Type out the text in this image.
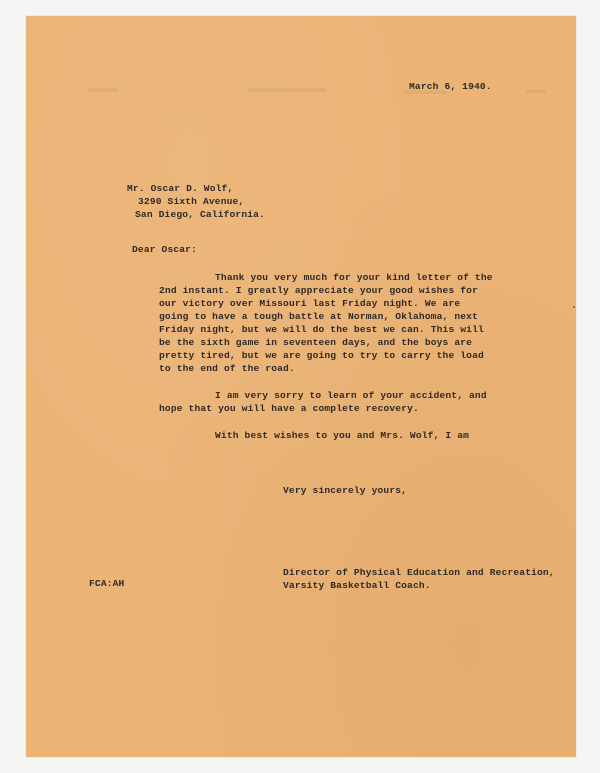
March 6, 1940.

Mr. Oscar D. Wolf,

3290 Sixth Avenue,

San Diego, California.

Dear Oscar:

Thank you very much for your kind letter of the

2nd instant. I greatly appreciate your good wishes for

our victory over Missouri last Friday night. We are

going to have a tough battle at Norman, Oklahoma, next

Friday night, but we will do the best we can. This will

be the sixth game in seventeen days, and the boys are

pretty tired, but we are going to try to carry the load

to the end of the road.

I am very sorry to learn of your accident, and

hope that you will have a complete recovery.

With best wishes to you and Mrs. Wolf, I am

Very sincerely yours,

Director of Physical Education and Recreation,

Varsity Basketball Coach.

FCA:AH
